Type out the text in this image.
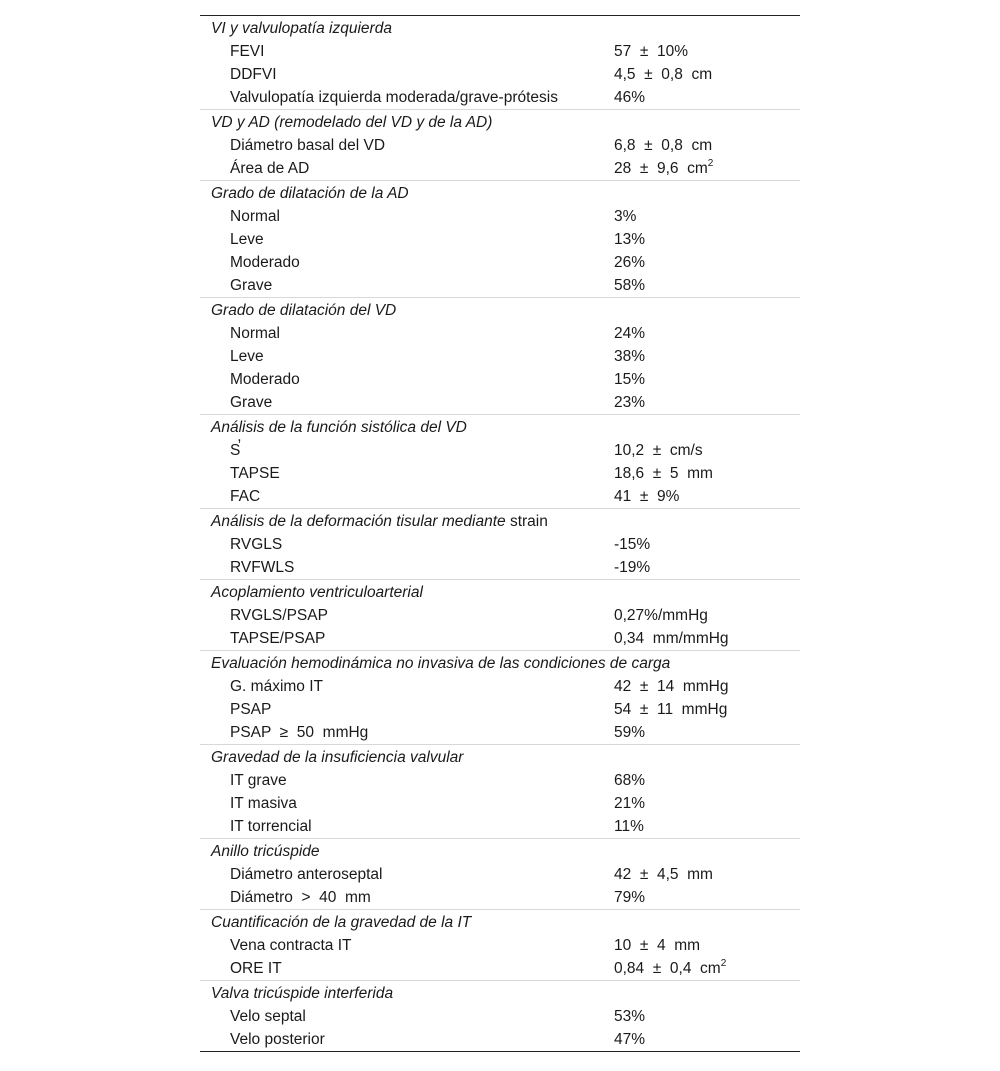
VI y valvulopatía izquierda
FEVI	57  ±  10%
DDFVI	4,5  ±  0,8  cm
Valvulopatía izquierda moderada/grave-prótesis	46%
VD y AD (remodelado del VD y de la AD)
Diámetro basal del VD	6,8  ±  0,8  cm
Área de AD	28  ±  9,6  $cm^2$
Grado de dilatación de la AD
Normal	3%
Leve	13%
Moderado	26%
Grave	58%
Grado de dilatación del VD
Normal	24%
Leve	38%
Moderado	15%
Grave	23%
Análisis de la función sistólica del VD
S̕	10,2  ±  cm/s
TAPSE	18,6  ±  5  mm
FAC	41  ±  9%
Análisis de la deformación tisular mediante strain
RVGLS	-15%
RVFWLS	-19%
Acoplamiento ventriculoarterial
RVGLS/PSAP	0,27%/mmHg
TAPSE/PSAP	0,34  mm/mmHg
Evaluación hemodinámica no invasiva de las condiciones de carga
G. máximo IT	42  ±  14  mmHg
PSAP	54  ±  11  mmHg
PSAP  ≥  50  mmHg	59%
Gravedad de la insuficiencia valvular
IT grave	68%
IT masiva	21%
IT torrencial	11%
Anillo tricúspide
Diámetro anteroseptal	42  ±  4,5  mm
Diámetro  >  40  mm	79%
Cuantificación de la gravedad de la IT
Vena contracta IT	10  ±  4  mm
ORE IT	0,84  ±  0,4  $cm^2$
Valva tricúspide interferida
Velo septal	53%
Velo posterior	47%
